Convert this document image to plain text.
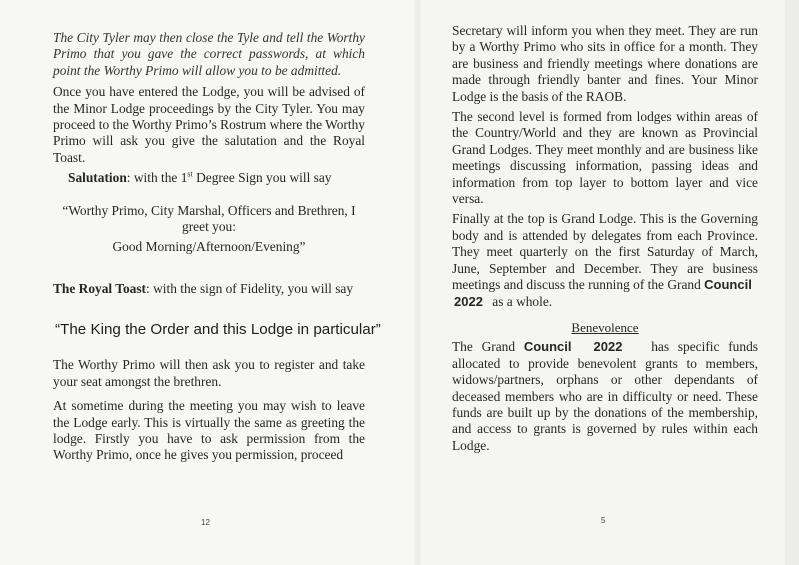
The City Tyler may then close the Tyle and tell the Worthy Primo that you gave the correct passwords, at which point the Worthy Primo will allow you to be admitted.

Once you have entered the Lodge, you will be advised of the Minor Lodge proceedings by the City Tyler. You may proceed to the Worthy Primo’s Rostrum where the Worthy Primo will ask you give the salutation and the Royal Toast.

Salutation: with the 1st Degree Sign you will say

“Worthy Primo, City Marshal, Officers and Brethren, I greet you:

Good Morning/Afternoon/Evening”

The Royal Toast: with the sign of Fidelity, you will say

“The King the Order and this Lodge in particular”

The Worthy Primo will then ask you to register and take your seat amongst the brethren.

At sometime during the meeting you may wish to leave the Lodge early. This is virtually the same as greeting the lodge. Firstly you have to ask permission from the Worthy Primo, once he gives you permission, proceed

12

Secretary will inform you when they meet. They are run by a Worthy Primo who sits in office for a month. They are business and friendly meetings where donations are made through friendly banter and fines. Your Minor Lodge is the basis of the RAOB.

The second level is formed from lodges within areas of the Country/World and they are known as Provincial Grand Lodges. They meet monthly and are business like meetings discussing information, passing ideas and information from top layer to bottom layer and vice versa.

Finally at the top is Grand Lodge. This is the Governing body and is attended by delegates from each Province. They meet quarterly on the first Saturday of March, June, September and December. They are business meetings and discuss the running of the Grand Council
2022 as a whole.

Benevolence

The Grand Council 2022 has specific funds allocated to provide benevolent grants to members, widows/partners, orphans or other dependants of deceased members who are in difficulty or need. These funds are built up by the donations of the membership, and access to grants is governed by rules within each Lodge.

5
